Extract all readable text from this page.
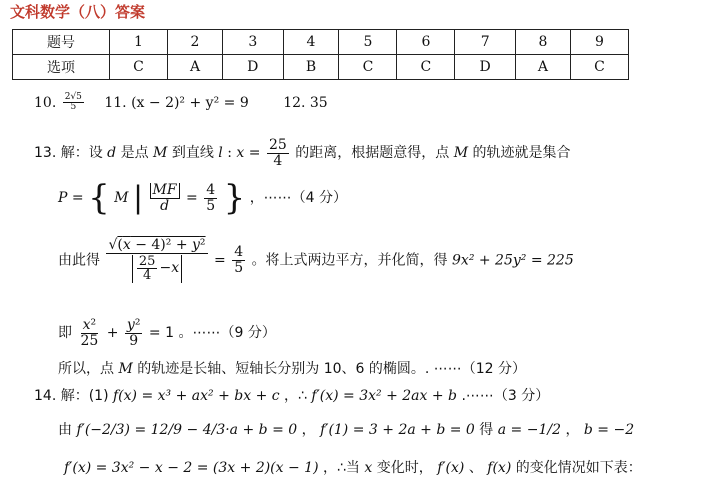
文科数学（八）答案
题号	1	2	3	4	5	6	7	8	9
选项	C	A	D	B	C	C	D	A	C
10. $\frac{2√5}{5} 11$. (x − 2)² + y² = 9 12. 35
13. 解：设 d 是点 M 到直线 l : $x = \frac{25}{4}$ 的距离，根据题意得，点 M 的轨迹就是集合
P = { M | $\frac{MF}{d} = \frac{4}{5}$ } ，⋯⋯（4 分）
由此得 $\frac{\text{√(x − 4)² + y²}}{\frac{25}{4} - x} = \frac{4}{5}$ 。将上式两边平方，并化简，得 9x² + 25y² = 225
即 $\frac{\text{x²}}{25} + \frac{\text{y²}}{9} = 1$ 。⋯⋯（9 分）
所以，点 M 的轨迹是长轴、短轴长分别为 10、6 的椭圆。. ⋯⋯（12 分）
14. 解：(1) f(x) = x³ + ax² + bx + c ，∴ f′(x) = 3x² + 2ax + b .⋯⋯（3 分）
由 f′(−2/3) = 12/9 − 4/3·a + b = 0 ， f′(1) = 3 + 2a + b = 0 得 a = −1/2 ， b = −2
f′(x) = 3x² − x − 2 = (3x + 2)(x − 1) ，∴当 x 变化时， f′(x) 、 f(x) 的变化情况如下表：
